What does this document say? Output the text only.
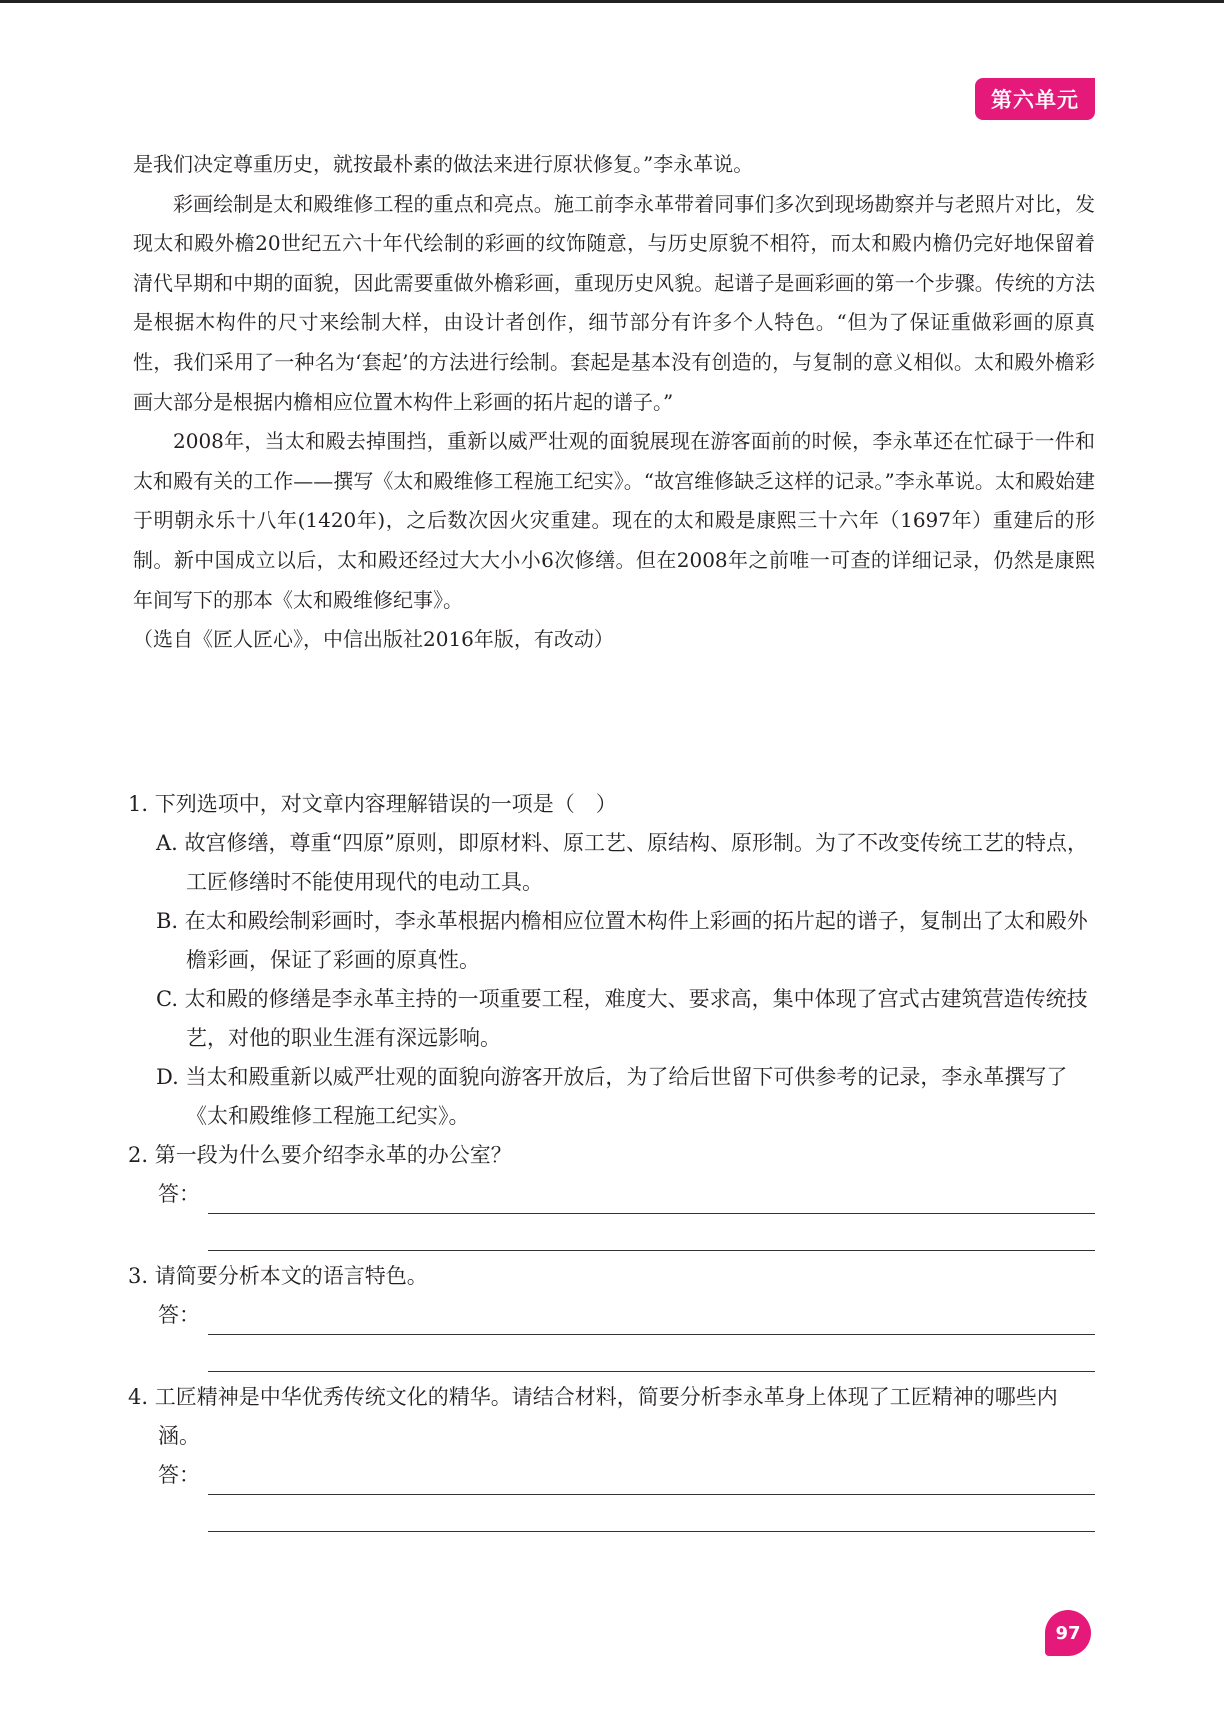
第六单元

是我们决定尊重历史，就按最朴素的做法来进行原状修复。”李永革说。

彩画绘制是太和殿维修工程的重点和亮点。施工前李永革带着同事们多次到现场勘察并与老照片对比，发现太和殿外檐20世纪五六十年代绘制的彩画的纹饰随意，与历史原貌不相符，而太和殿内檐仍完好地保留着清代早期和中期的面貌，因此需要重做外檐彩画，重现历史风貌。起谱子是画彩画的第一个步骤。传统的方法是根据木构件的尺寸来绘制大样，由设计者创作，细节部分有许多个人特色。“但为了保证重做彩画的原真性，我们采用了一种名为‘套起’的方法进行绘制。套起是基本没有创造的，与复制的意义相似。太和殿外檐彩画大部分是根据内檐相应位置木构件上彩画的拓片起的谱子。”

2008年，当太和殿去掉围挡，重新以威严壮观的面貌展现在游客面前的时候，李永革还在忙碌于一件和太和殿有关的工作——撰写《太和殿维修工程施工纪实》。“故宫维修缺乏这样的记录。”李永革说。太和殿始建于明朝永乐十八年(1420年)，之后数次因火灾重建。现在的太和殿是康熙三十六年（1697年）重建后的形制。新中国成立以后，太和殿还经过大大小小6次修缮。但在2008年之前唯一可查的详细记录，仍然是康熙年间写下的那本《太和殿维修纪事》。

（选自《匠人匠心》，中信出版社2016年版，有改动）

1. 下列选项中，对文章内容理解错误的一项是（　）

A. 故宫修缮，尊重“四原”原则，即原材料、原工艺、原结构、原形制。为了不改变传统工艺的特点，工匠修缮时不能使用现代的电动工具。

B. 在太和殿绘制彩画时，李永革根据内檐相应位置木构件上彩画的拓片起的谱子，复制出了太和殿外檐彩画，保证了彩画的原真性。

C. 太和殿的修缮是李永革主持的一项重要工程，难度大、要求高，集中体现了宫式古建筑营造传统技艺，对他的职业生涯有深远影响。

D. 当太和殿重新以威严壮观的面貌向游客开放后，为了给后世留下可供参考的记录，李永革撰写了《太和殿维修工程施工纪实》。

2. 第一段为什么要介绍李永革的办公室？

答：

3. 请简要分析本文的语言特色。

答：

4. 工匠精神是中华优秀传统文化的精华。请结合材料，简要分析李永革身上体现了工匠精神的哪些内涵。

答：
97
